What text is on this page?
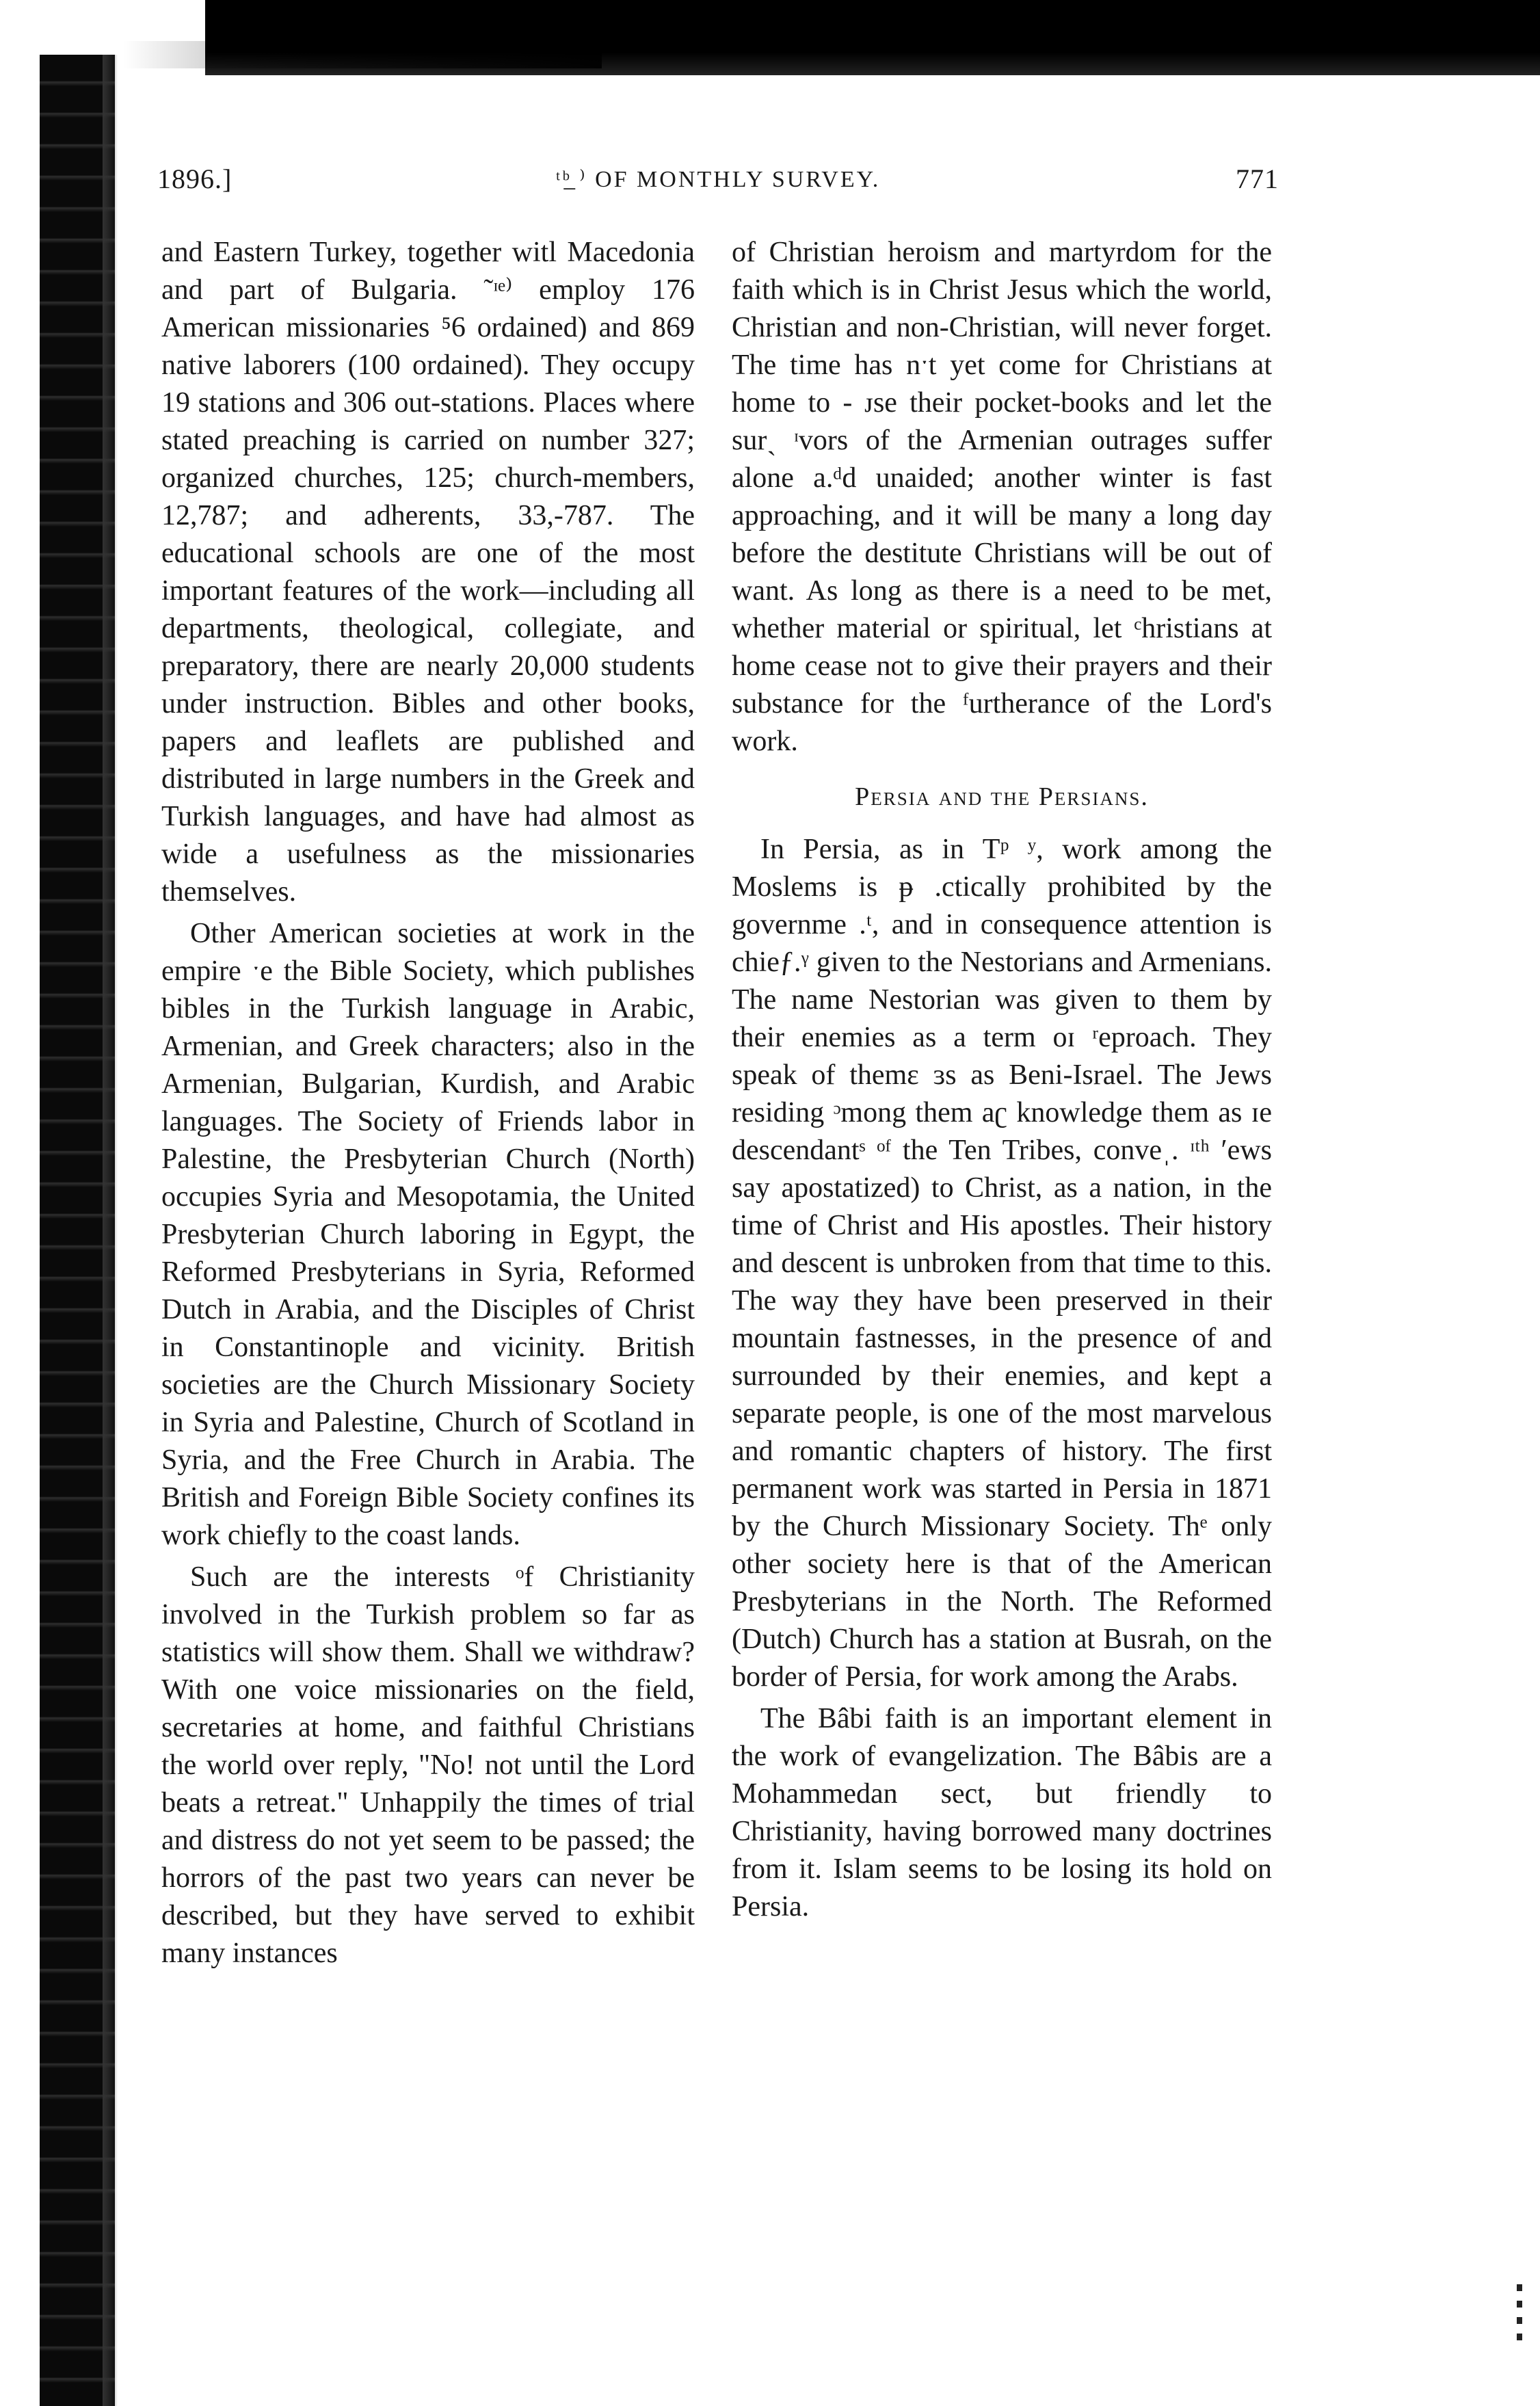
1896.]	ᵗᵇ̲ ⁾ OF MONTHLY SURVEY.	771

and Eastern Turkey, together witl Macedonia and part of Bulgaria. ˜ᶦᵉ⁾ employ 176 American missionaries ⁵6 ordained) and 869 native laborers (100 ordained). They occupy 19 stations and 306 out-stations. Places where stated preaching is carried on number 327; organized churches, 125; church-members, 12,787; and adherents, 33,-787. The educational schools are one of the most important features of the work—including all departments, theological, collegiate, and preparatory, there are nearly 20,000 students under instruction. Bibles and other books, papers and leaflets are published and distributed in large numbers in the Greek and Turkish languages, and have had almost as wide a usefulness as the missionaries themselves.

Other American societies at work in the empire ˑe the Bible Society, which publishes bibles in the Turkish language in Arabic, Armenian, and Greek characters; also in the Armenian, Bulgarian, Kurdish, and Arabic languages. The Society of Friends labor in Palestine, the Presbyterian Church (North) occupies Syria and Mesopotamia, the United Presbyterian Church laboring in Egypt, the Reformed Presbyterians in Syria, Reformed Dutch in Arabia, and the Disciples of Christ in Constantinople and vicinity. British societies are the Church Missionary Society in Syria and Palestine, Church of Scotland in Syria, and the Free Church in Arabia. The British and Foreign Bible Society confines its work chiefly to the coast lands.

Such are the interests ᵒf Christianity involved in the Turkish problem so far as statistics will show them. Shall we withdraw? With one voice missionaries on the field, secretaries at home, and faithful Christians the world over reply, "No! not until the Lord beats a retreat." Unhappily the times of trial and distress do not yet seem to be passed; the horrors of the past two years can never be described, but they have served to exhibit many instances

of Christian heroism and martyrdom for the faith which is in Christ Jesus which the world, Christian and non-Christian, will never forget. The time has nˑt yet come for Christians at home to - ᴊse their pocket-books and let the surˎ ᶦvors of the Armenian outrages suffer alone a.ᵈd unaided; another winter is fast approaching, and it will be many a long day before the destitute Christians will be out of want. As long as there is a need to be met, whether material or spiritual, let ᶜhristians at home cease not to give their prayers and their substance for the ᶠurtherance of the Lord's work.

Persia and the Persians.

In Persia, as in Tᵖ ʸ, work among the Moslems is ᵽ .ctically prohibited by the governme .ᵗ, and in consequence attention is chieƒ.ᵞ given to the Nestorians and Armenians. The name Nestorian was given to them by their enemies as a term oɪ ʳeproach. They speak of themɛ ɜs as Beni-Israel. The Jews residing ᵓmong them aʗ knowledge them as ɪe descendantˢ ᵒᶠ the Ten Tribes, conveˌ. ᶦᵗʰ ʹews say apostatized) to Christ, as a nation, in the time of Christ and His apostles. Their history and descent is unbroken from that time to this. The way they have been preserved in their mountain fastnesses, in the presence of and surrounded by their enemies, and kept a separate people, is one of the most marvelous and romantic chapters of history. The first permanent work was started in Persia in 1871 by the Church Missionary Society. Thᵉ only other society here is that of the American Presbyterians in the North. The Reformed (Dutch) Church has a station at Busrah, on the border of Persia, for work among the Arabs.

The Bâbi faith is an important element in the work of evangelization. The Bâbis are a Mohammedan sect, but friendly to Christianity, having borrowed many doctrines from it. Islam seems to be losing its hold on Persia.
